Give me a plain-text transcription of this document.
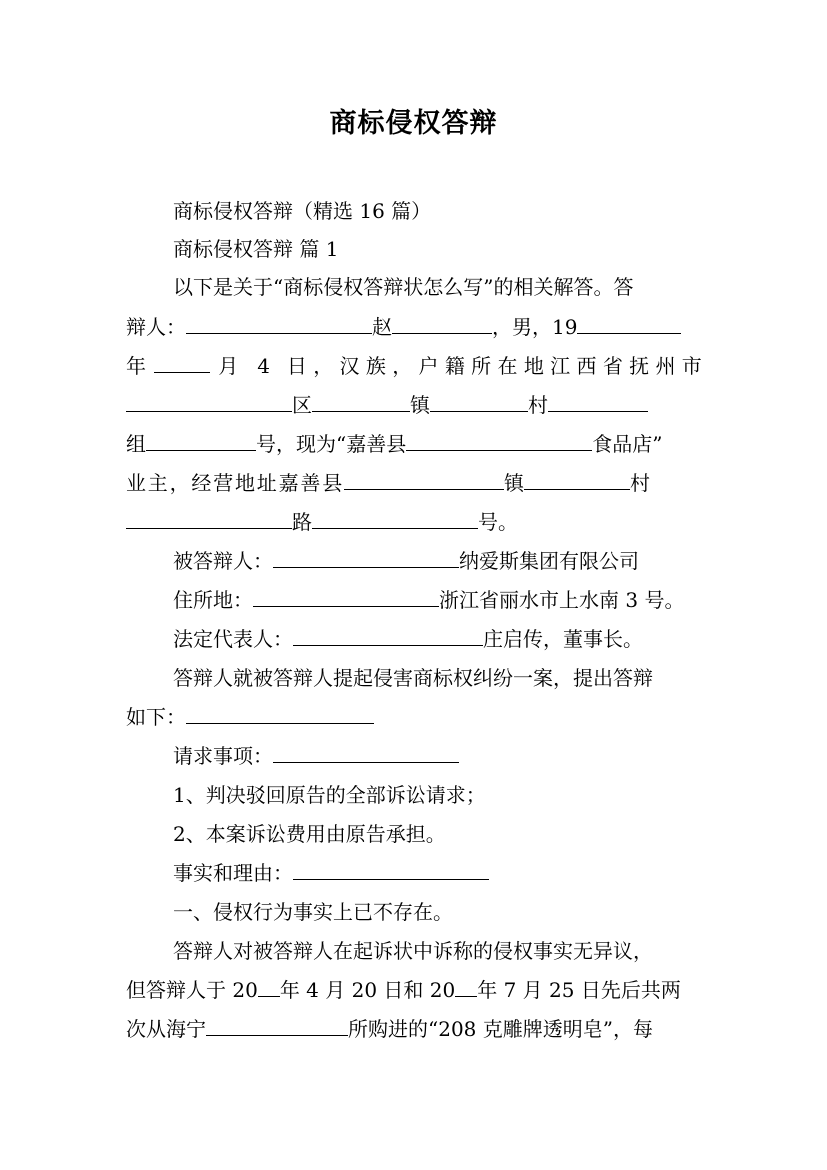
商标侵权答辩
商标侵权答辩（精选 16 篇）
商标侵权答辩 篇 1
以下是关于“商标侵权答辩状怎么写”的相关解答。答
辩人：	赵	，男，19
年	月 4 日，汉族，户籍所在地江西省抚州市
区	镇	村
组	号，现为“嘉善县	食品店”
业主，经营地址嘉善县	镇	村
路	号。
被答辩人：	纳爱斯集团有限公司
住所地：	浙江省丽水市上水南 3 号。
法定代表人：	庄启传，董事长。
答辩人就被答辩人提起侵害商标权纠纷一案，提出答辩
如下：
请求事项：
1、判决驳回原告的全部诉讼请求；
2、本案诉讼费用由原告承担。
事实和理由：
一、侵权行为事实上已不存在。
答辩人对被答辩人在起诉状中诉称的侵权事实无异议，
但答辩人于 20 年 4 月 20 日和 20 年 7 月 25 日先后共两
次从海宁	所购进的“208 克雕牌透明皂”，每
